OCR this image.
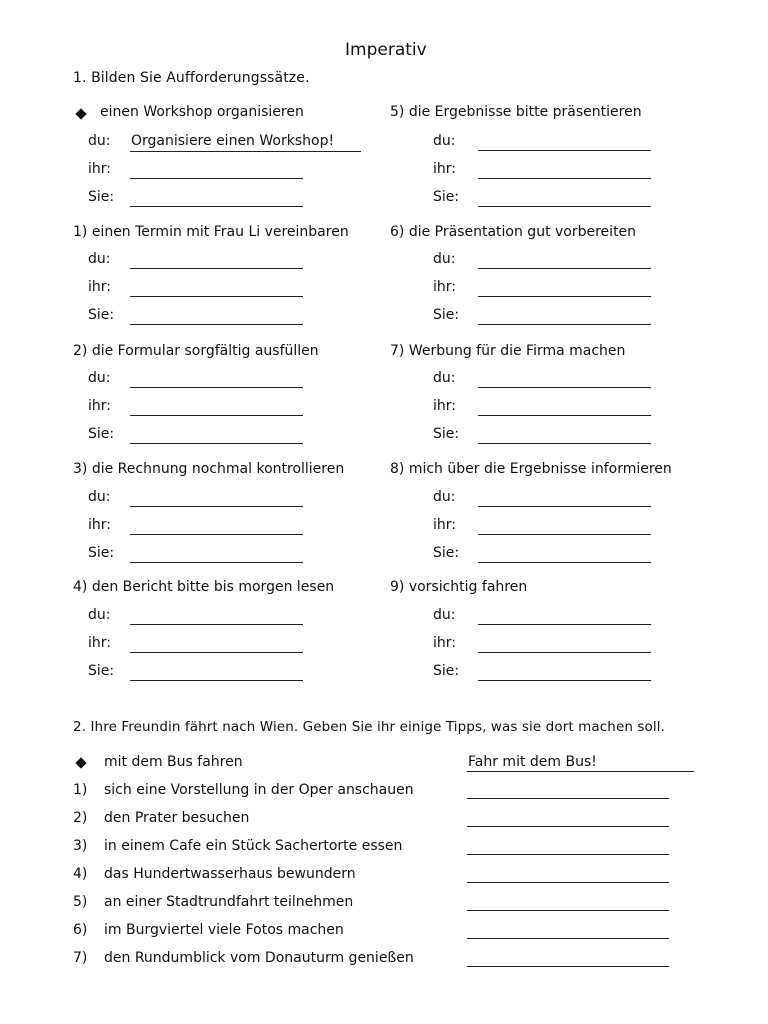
Imperativ
1. Bilden Sie Aufforderungssätze.
einen Workshop organisieren
du: Organisiere einen Workshop!
ihr:
Sie:
1) einen Termin mit Frau Li vereinbaren
du:
ihr:
Sie:
2) die Formular sorgfältig ausfüllen
du:
ihr:
Sie:
3) die Rechnung nochmal kontrollieren
du:
ihr:
Sie:
4) den Bericht bitte bis morgen lesen
du:
ihr:
Sie:
5) die Ergebnisse bitte präsentieren
du:
ihr:
Sie:
6) die Präsentation gut vorbereiten
du:
ihr:
Sie:
7) Werbung für die Firma machen
du:
ihr:
Sie:
8) mich über die Ergebnisse informieren
du:
ihr:
Sie:
9) vorsichtig fahren
du:
ihr:
Sie:
2. Ihre Freundin fährt nach Wien. Geben Sie ihr einige Tipps, was sie dort machen soll.
mit dem Bus fahren	Fahr mit dem Bus!
1) sich eine Vorstellung in der Oper anschauen
2) den Prater besuchen
3) in einem Cafe ein Stück Sachertorte essen
4) das Hundertwasserhaus bewundern
5) an einer Stadtrundfahrt teilnehmen
6) im Burgviertel viele Fotos machen
7) den Rundumblick vom Donauturm genießen
